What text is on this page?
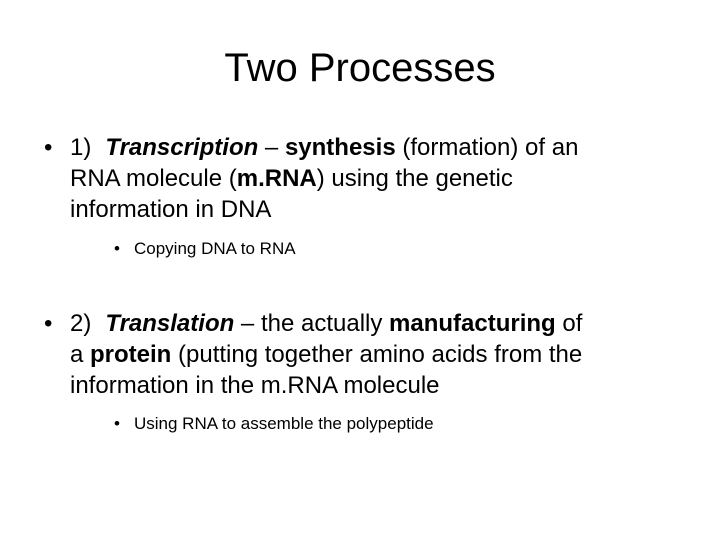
Two Processes
• 1) Transcription – synthesis (formation) of an
RNA molecule (m.RNA) using the genetic
information in DNA
• Copying DNA to RNA
• 2) Translation – the actually manufacturing of
a protein (putting together amino acids from the
information in the m.RNA molecule
• Using RNA to assemble the polypeptide
